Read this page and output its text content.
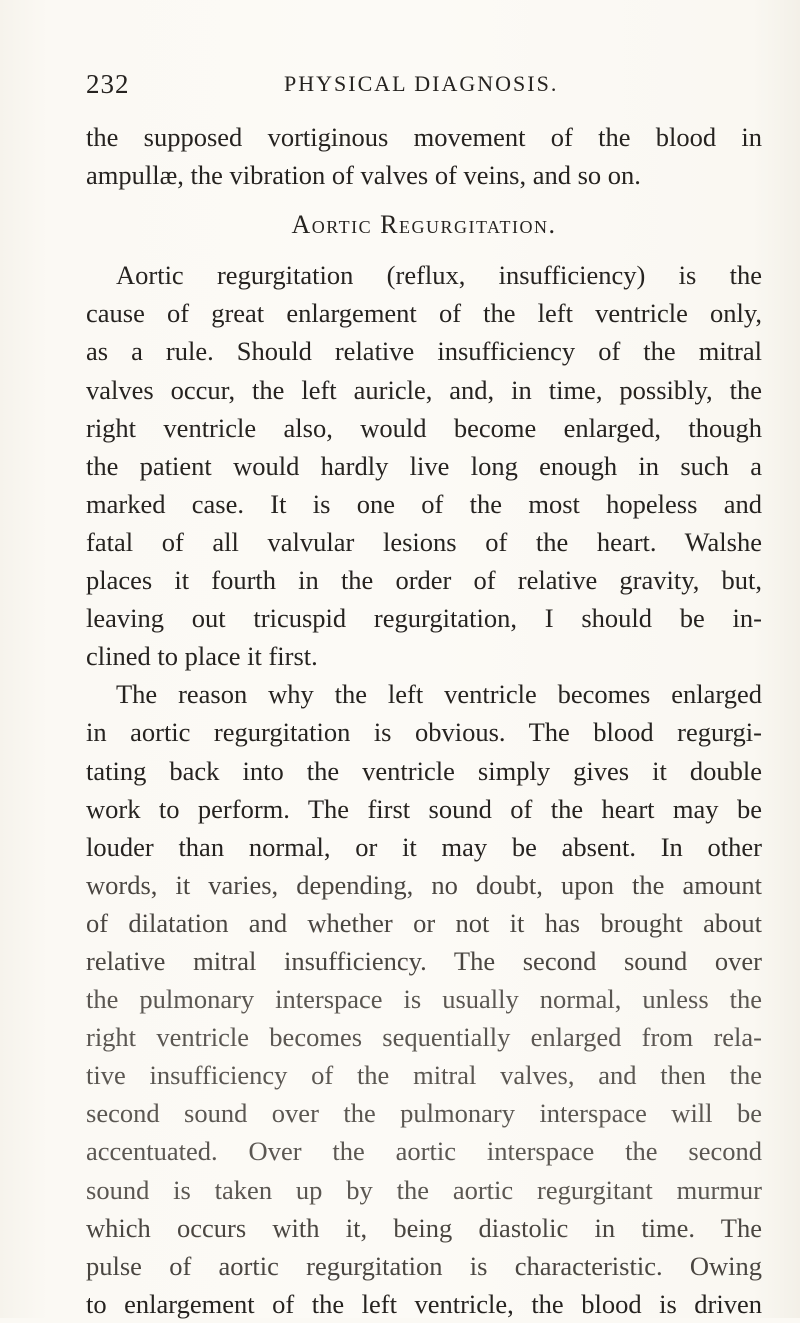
232	PHYSICAL DIAGNOSIS.
the supposed vortiginous movement of the blood in
ampullæ, the vibration of valves of veins, and so on.
Aortic Regurgitation.
Aortic regurgitation (reflux, insufficiency) is the
cause of great enlargement of the left ventricle only,
as a rule. Should relative insufficiency of the mitral
valves occur, the left auricle, and, in time, possibly, the
right ventricle also, would become enlarged, though
the patient would hardly live long enough in such a
marked case. It is one of the most hopeless and
fatal of all valvular lesions of the heart. Walshe
places it fourth in the order of relative gravity, but,
leaving out tricuspid regurgitation, I should be in-
clined to place it first.
The reason why the left ventricle becomes enlarged
in aortic regurgitation is obvious. The blood regurgi-
tating back into the ventricle simply gives it double
work to perform. The first sound of the heart may be
louder than normal, or it may be absent. In other
words, it varies, depending, no doubt, upon the amount
of dilatation and whether or not it has brought about
relative mitral insufficiency. The second sound over
the pulmonary interspace is usually normal, unless the
right ventricle becomes sequentially enlarged from rela-
tive insufficiency of the mitral valves, and then the
second sound over the pulmonary interspace will be
accentuated. Over the aortic interspace the second
sound is taken up by the aortic regurgitant murmur
which occurs with it, being diastolic in time. The
pulse of aortic regurgitation is characteristic. Owing
to enlargement of the left ventricle, the blood is driven
